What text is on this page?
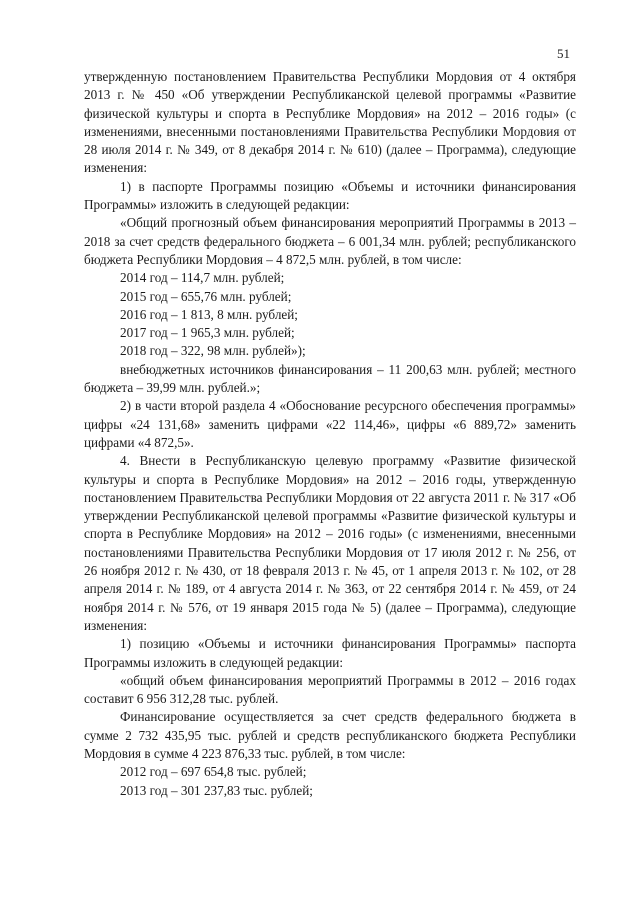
51

утвержденную постановлением Правительства Республики Мордовия от 4 октября 2013 г. № 450 «Об утверждении Республиканской целевой программы «Развитие физической культуры и спорта в Республике Мордовия» на 2012 – 2016 годы» (с изменениями, внесенными постановлениями Правительства Республики Мордовия от 28 июля 2014 г. № 349, от 8 декабря 2014 г. № 610) (далее – Программа), следующие изменения:

1) в паспорте Программы позицию «Объемы и источники финансирования Программы» изложить в следующей редакции:

«Общий прогнозный объем финансирования мероприятий Программы в 2013 – 2018 за счет средств федерального бюджета – 6 001,34 млн. рублей; республиканского бюджета Республики Мордовия – 4 872,5 млн. рублей, в том числе:

2014 год – 114,7 млн. рублей;

2015 год – 655,76 млн. рублей;

2016 год – 1 813, 8 млн. рублей;

2017 год – 1 965,3 млн. рублей;

2018 год – 322, 98 млн. рублей»);

внебюджетных источников финансирования – 11 200,63 млн. рублей; местного бюджета – 39,99 млн. рублей.»;

2) в части второй раздела 4 «Обоснование ресурсного обеспечения программы» цифры «24 131,68» заменить цифрами «22 114,46», цифры «6 889,72» заменить цифрами «4 872,5».

4. Внести в Республиканскую целевую программу «Развитие физической культуры и спорта в Республике Мордовия» на 2012 – 2016 годы, утвержденную постановлением Правительства Республики Мордовия от 22 августа 2011 г. № 317 «Об утверждении Республиканской целевой программы «Развитие физической культуры и спорта в Республике Мордовия» на 2012 – 2016 годы» (с изменениями, внесенными постановлениями Правительства Республики Мордовия от 17 июля 2012 г. № 256, от 26 ноября 2012 г. № 430, от 18 февраля 2013 г. № 45, от 1 апреля 2013 г. № 102, от 28 апреля 2014 г. № 189, от 4 августа 2014 г. № 363, от 22 сентября 2014 г. № 459, от 24 ноября 2014 г. № 576, от 19 января 2015 года № 5) (далее – Программа), следующие изменения:

1) позицию «Объемы и источники финансирования Программы» паспорта Программы изложить в следующей редакции:

«общий объем финансирования мероприятий Программы в 2012 – 2016 годах составит 6 956 312,28 тыс. рублей.

Финансирование осуществляется за счет средств федерального бюджета в сумме 2 732 435,95 тыс. рублей и средств республиканского бюджета Республики Мордовия в сумме 4 223 876,33 тыс. рублей, в том числе:

2012 год – 697 654,8 тыс. рублей;

2013 год – 301 237,83 тыс. рублей;
